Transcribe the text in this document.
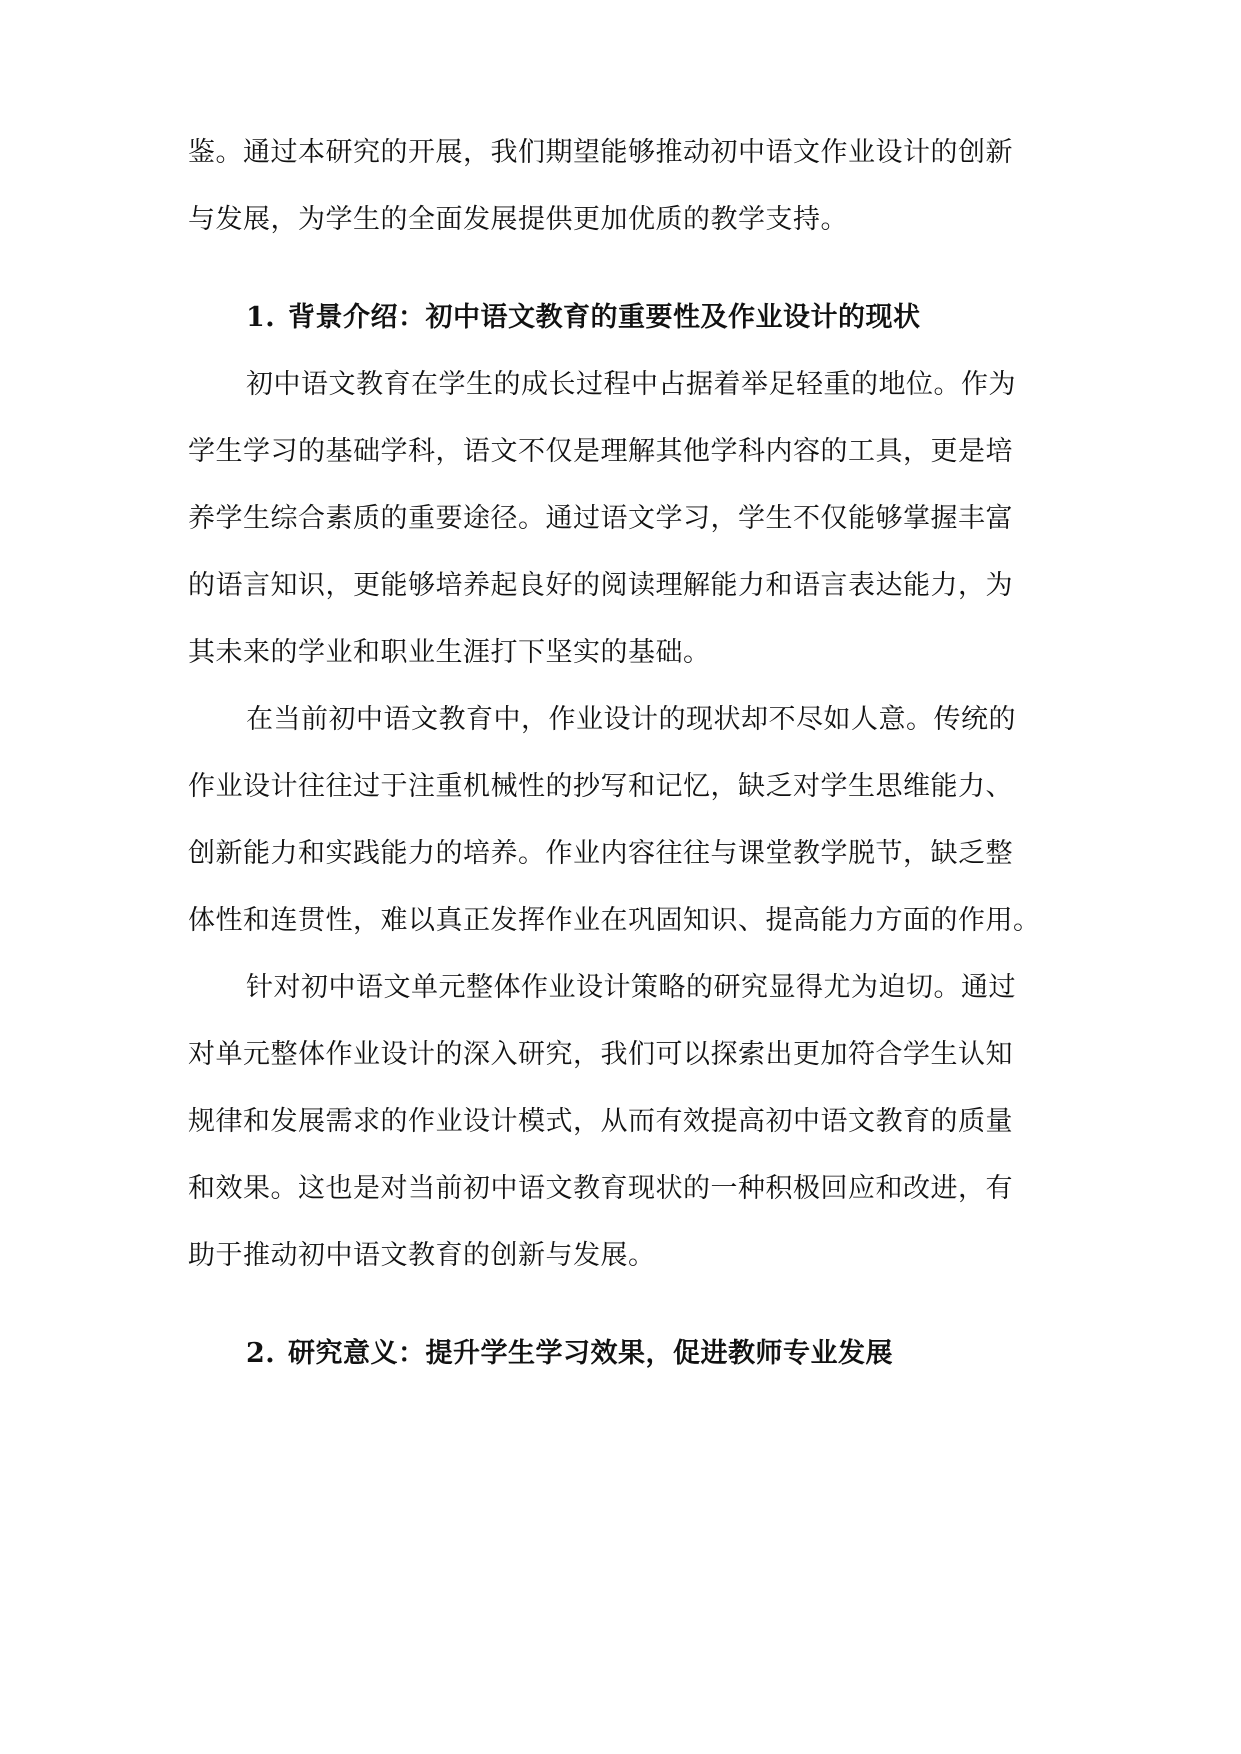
鉴。通过本研究的开展，我们期望能够推动初中语文作业设计的创新
与发展，为学生的全面发展提供更加优质的教学支持。
1. 背景介绍：初中语文教育的重要性及作业设计的现状
初中语文教育在学生的成长过程中占据着举足轻重的地位。作为
学生学习的基础学科，语文不仅是理解其他学科内容的工具，更是培
养学生综合素质的重要途径。通过语文学习，学生不仅能够掌握丰富
的语言知识，更能够培养起良好的阅读理解能力和语言表达能力，为
其未来的学业和职业生涯打下坚实的基础。
在当前初中语文教育中，作业设计的现状却不尽如人意。传统的
作业设计往往过于注重机械性的抄写和记忆，缺乏对学生思维能力、
创新能力和实践能力的培养。作业内容往往与课堂教学脱节，缺乏整
体性和连贯性，难以真正发挥作业在巩固知识、提高能力方面的作用。
针对初中语文单元整体作业设计策略的研究显得尤为迫切。通过
对单元整体作业设计的深入研究，我们可以探索出更加符合学生认知
规律和发展需求的作业设计模式，从而有效提高初中语文教育的质量
和效果。这也是对当前初中语文教育现状的一种积极回应和改进，有
助于推动初中语文教育的创新与发展。
2. 研究意义：提升学生学习效果，促进教师专业发展
